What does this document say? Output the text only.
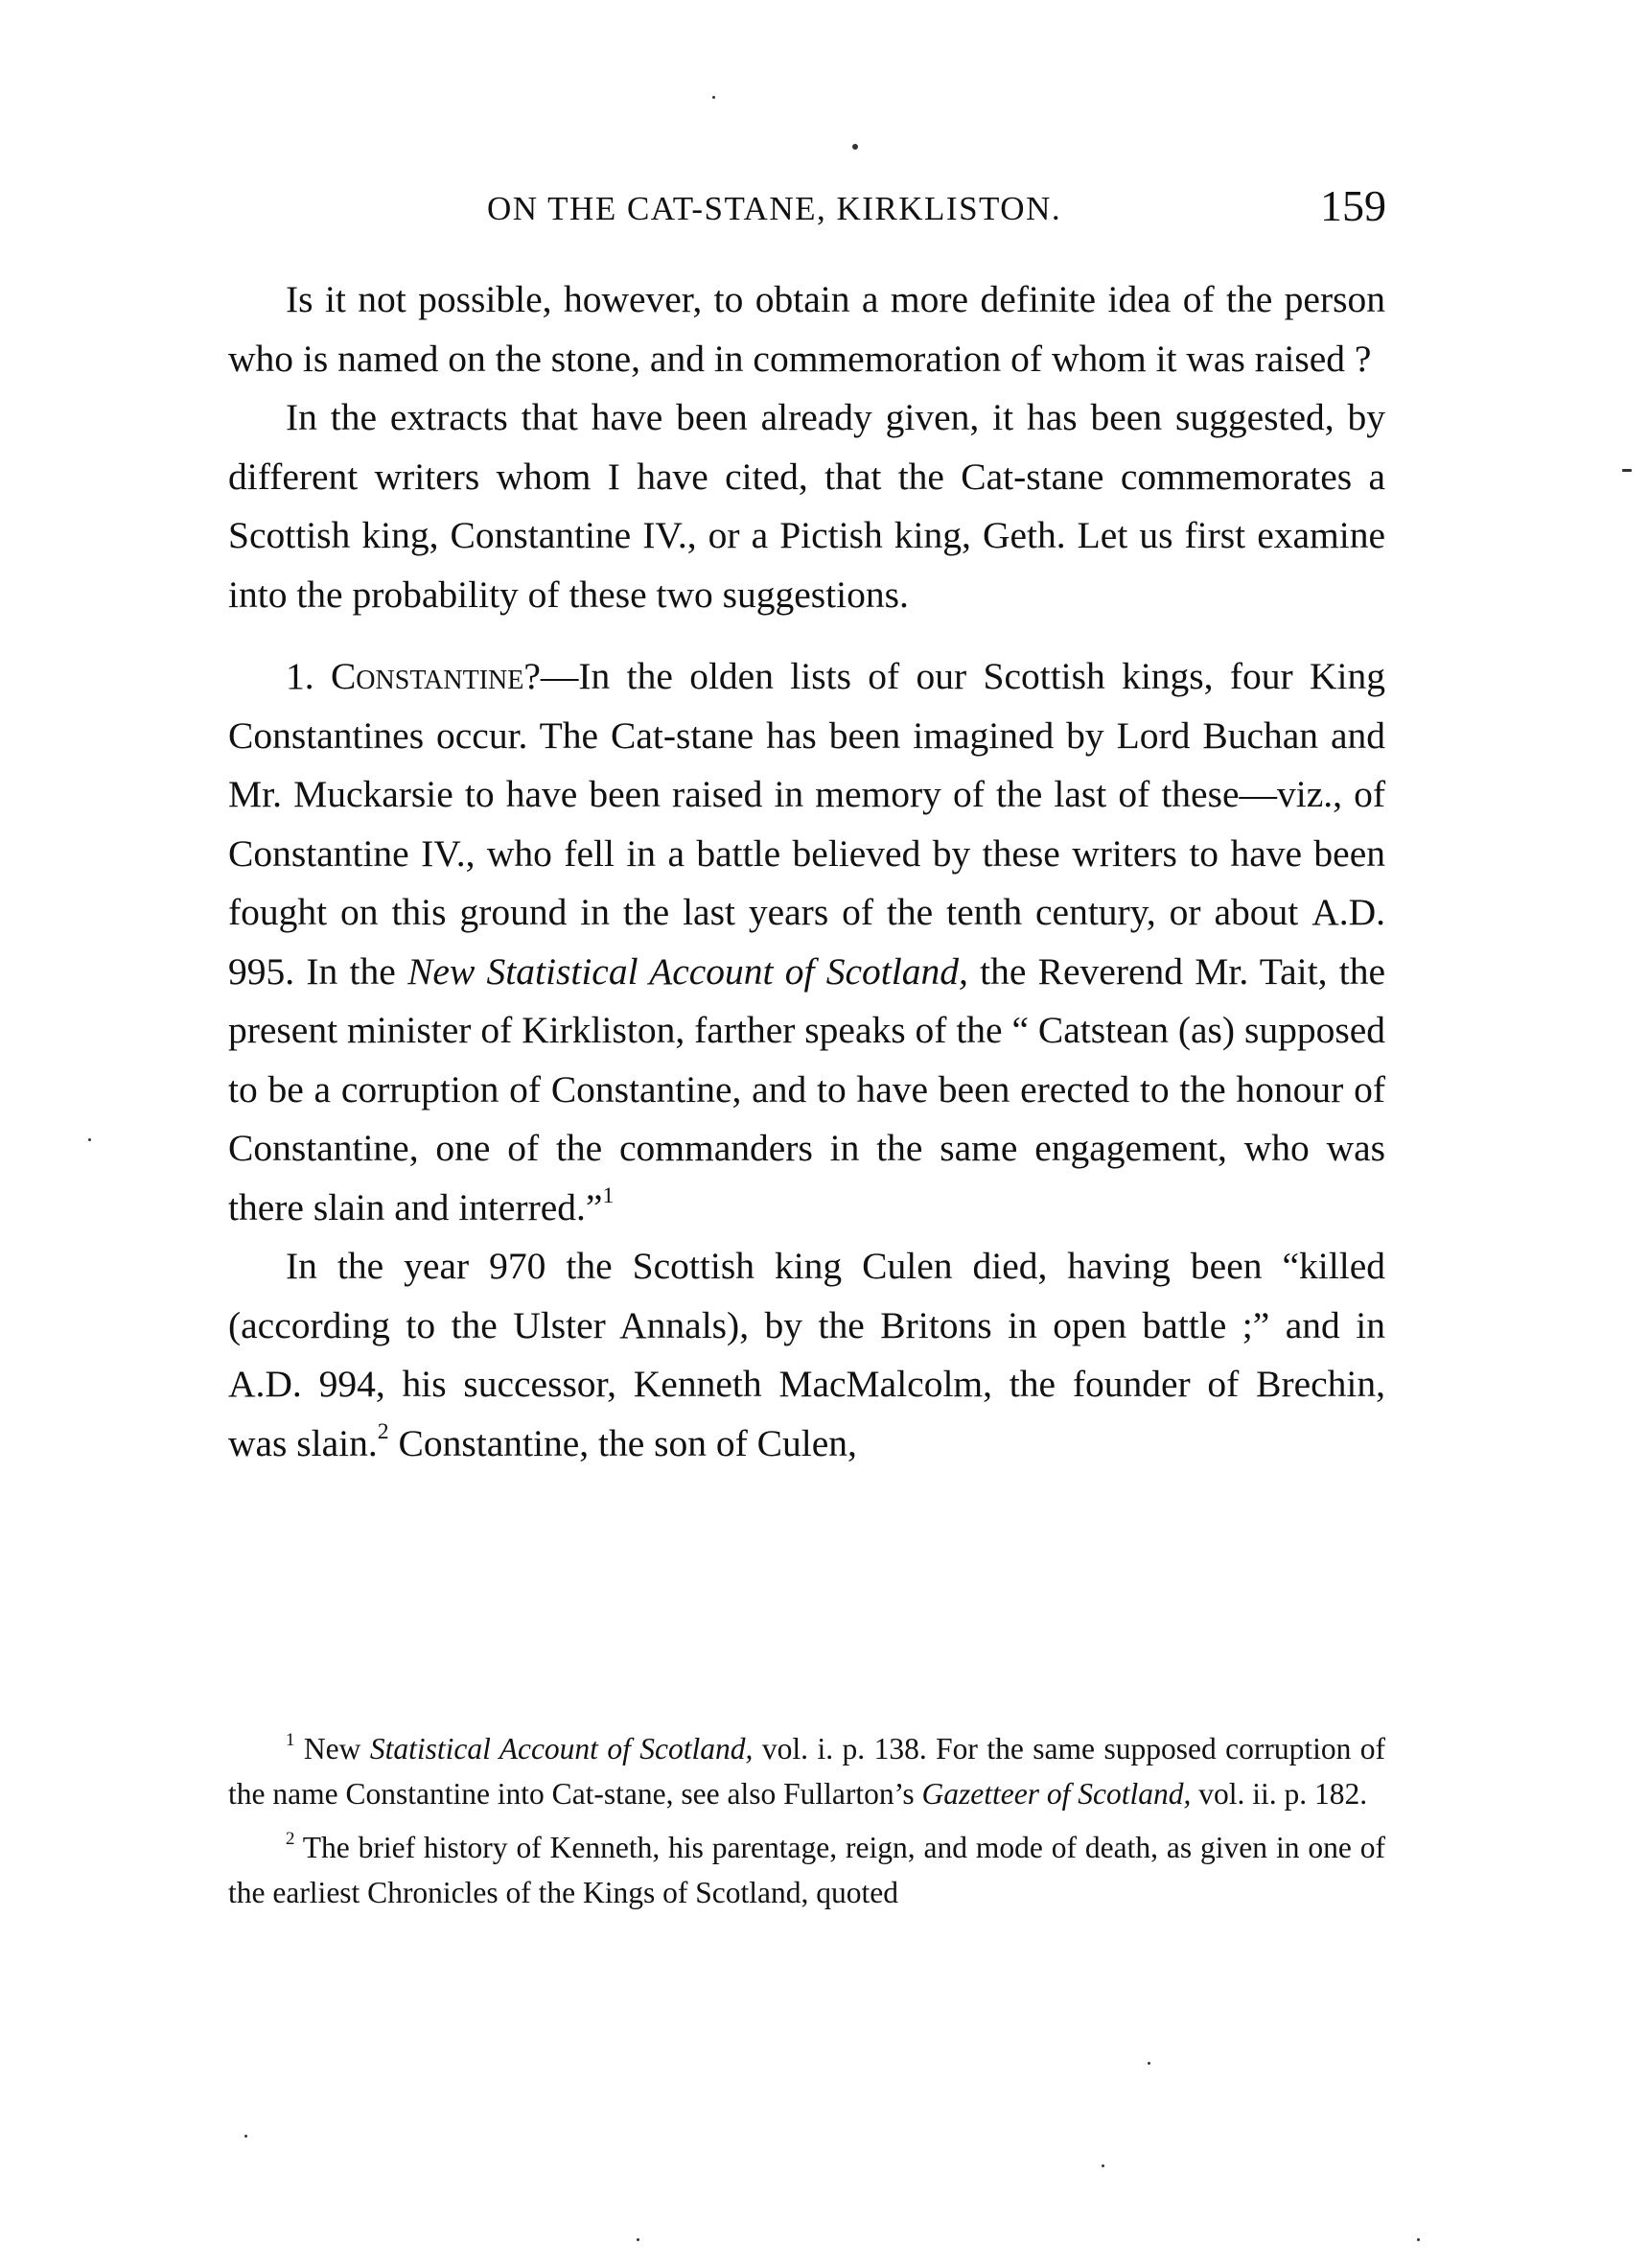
ON THE CAT-STANE, KIRKLISTON.	159

Is it not possible, however, to obtain a more definite idea of the person who is named on the stone, and in commemoration of whom it was raised ?

In the extracts that have been already given, it has been suggested, by different writers whom I have cited, that the Cat-stane commemorates a Scottish king, Constantine IV., or a Pictish king, Geth. Let us first examine into the probability of these two suggestions.

1. Constantine?—In the olden lists of our Scottish kings, four King Constantines occur. The Cat-stane has been imagined by Lord Buchan and Mr. Muckarsie to have been raised in memory of the last of these—viz., of Constantine IV., who fell in a battle believed by these writers to have been fought on this ground in the last years of the tenth century, or about A.D. 995. In the New Statistical Account of Scotland, the Reverend Mr. Tait, the present minister of Kirkliston, farther speaks of the “ Catstean (as) supposed to be a corruption of Constantine, and to have been erected to the honour of Constantine, one of the commanders in the same engagement, who was there slain and interred.”$^1$

In the year 970 the Scottish king Culen died, having been “killed (according to the Ulster Annals), by the Britons in open battle ;” and in A.D. 994, his successor, Kenneth MacMalcolm, the founder of Brechin, was slain.$^2$ Constantine, the son of Culen,

$^1$ New Statistical Account of Scotland, vol. i. p. 138. For the same supposed corruption of the name Constantine into Cat-stane, see also Fullarton’s Gazetteer of Scotland, vol. ii. p. 182.

$^2$ The brief history of Kenneth, his parentage, reign, and mode of death, as given in one of the earliest Chronicles of the Kings of Scotland, quoted
